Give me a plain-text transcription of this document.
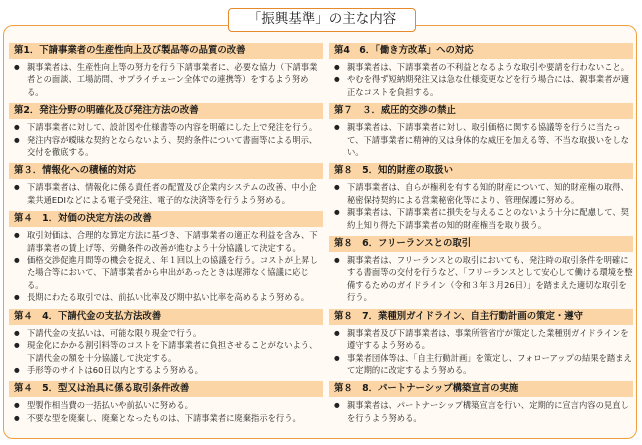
「振興基準」の主な内容
第1．下請事業者の生産性向上及び製品等の品質の改善
● 親事業者は、生産性向上等の努力を行う下請事業者に、必要な協力（下請事業者との面談、工場訪問、サプライチェーン全体での連携等）をするよう努める。
第2．発注分野の明確化及び発注方法の改善
● 下請事業者に対して、設計図や仕様書等の内容を明確にした上で発注を行う。
● 発注内容が曖昧な契約とならないよう、契約条件について書面等による明示、交付を徹底する。
第３．情報化への積極的対応
● 下請事業者は、情報化に係る責任者の配置及び企業内システムの改善、中小企業共通EDIなどによる電子受発注、電子的な決済等を行うよう努める。
第４　1．対価の決定方法の改善
● 取引対価は、合理的な算定方法に基づき、下請事業者の適正な利益を含み、下請事業者の賃上げ等、労働条件の改善が進むよう十分協議して決定する。
● 価格交渉促進月間等の機会を捉え、年１回以上の協議を行う。コストが上昇した場合等において、下請事業者から申出があったときは遅滞なく協議に応じる。
● 長期にわたる取引では、前払い比率及び期中払い比率を高めるよう努める。
第４　4．下請代金の支払方法改善
● 下請代金の支払いは、可能な限り現金で行う。
● 現金化にかかる割引料等のコストを下請事業者に負担させることがないよう、下請代金の額を十分協議して決定する。
● 手形等のサイトは60日以内とするよう努める。
第４　5．型又は治具に係る取引条件改善
● 型製作相当費の一括払いや前払いに努める。
● 不要な型を廃棄し、廃棄となったものは、下請事業者に廃棄指示を行う。
第4　6．「働き方改革」への対応
● 親事業者は、下請事業者の不利益となるような取引や要請を行わないこと。
● やむを得ず短納期発注又は急な仕様変更などを行う場合には、親事業者が適正なコストを負担する。
第７　３．威圧的交渉の禁止
● 親事業者は、下請事業者に対し、取引価格に関する協議等を行うに当たって、下請事業者に精神的又は身体的な威圧を加える等、不当な取扱いをしない。
第８　5．知的財産の取扱い
● 下請事業者は、自らが権利を有する知的財産について、知的財産権の取得、秘密保持契約による営業秘密化等により、管理保護に努める。
● 親事業者は、下請事業者に損失を与えることのないよう十分に配慮して、契約上知り得た下請事業者の知的財産権当を取り扱う。
第８　6．フリーランスとの取引
● 親事業者は、フリーランスとの取引においても、発注時の取引条件を明確にする書面等の交付を行うなど、「フリーランスとして安心して働ける環境を整備するためのガイドライン（令和３年３月26日）」を踏まえた適切な取引を行う。
第８　7．業種別ガイドライン、自主行動計画の策定・遵守
● 親事業者及び下請事業者は、事業所管省庁が策定した業種別ガイドラインを遵守するよう努める。
● 事業者団体等は、「自主行動計画」を策定し、フォローアップの結果を踏まえて定期的に改定するよう努める。
第８　8．パートナーシップ構築宣言の実施
● 親事業者は、パートナーシップ構築宣言を行い、定期的に宣言内容の見直しを行うよう努める。
